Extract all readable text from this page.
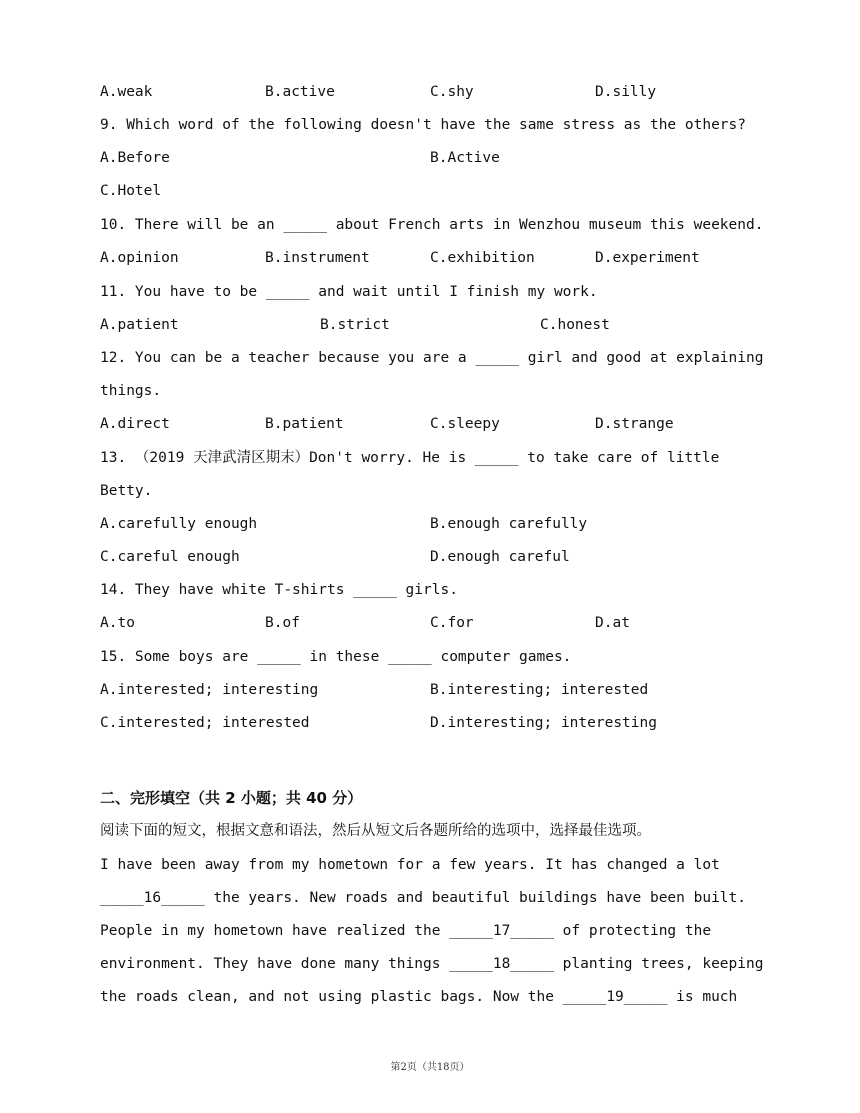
A.weak	B.active	C.shy	D.silly
9. Which word of the following doesn't have the same stress as the others?
A.Before	B.Active
C.Hotel
10. There will be an _____ about French arts in Wenzhou museum this weekend.
A.opinion	B.instrument	C.exhibition	D.experiment
11. You have to be _____ and wait until I finish my work.
A.patient	B.strict	C.honest
12. You can be a teacher because you are a _____ girl and good at explaining
things.
A.direct	B.patient	C.sleepy	D.strange
13. （2019 天津武清区期末）Don't worry. He is _____ to take care of little
Betty.
A.carefully enough	B.enough carefully
C.careful enough	D.enough careful
14. They have white T-shirts _____ girls.
A.to	B.of	C.for	D.at
15. Some boys are _____ in these _____ computer games.
A.interested; interesting	B.interesting; interested
C.interested; interested	D.interesting; interesting
二、完形填空（共 2 小题；共 40 分）
阅读下面的短文，根据文意和语法，然后从短文后各题所给的选项中，选择最佳选项。
I have been away from my hometown for a few years. It has changed a lot
_____16_____ the years. New roads and beautiful buildings have been built.
People in my hometown have realized the _____17_____ of protecting the
environment. They have done many things _____18_____ planting trees, keeping
the roads clean, and not using plastic bags. Now the _____19_____ is much
第2页（共18页）
